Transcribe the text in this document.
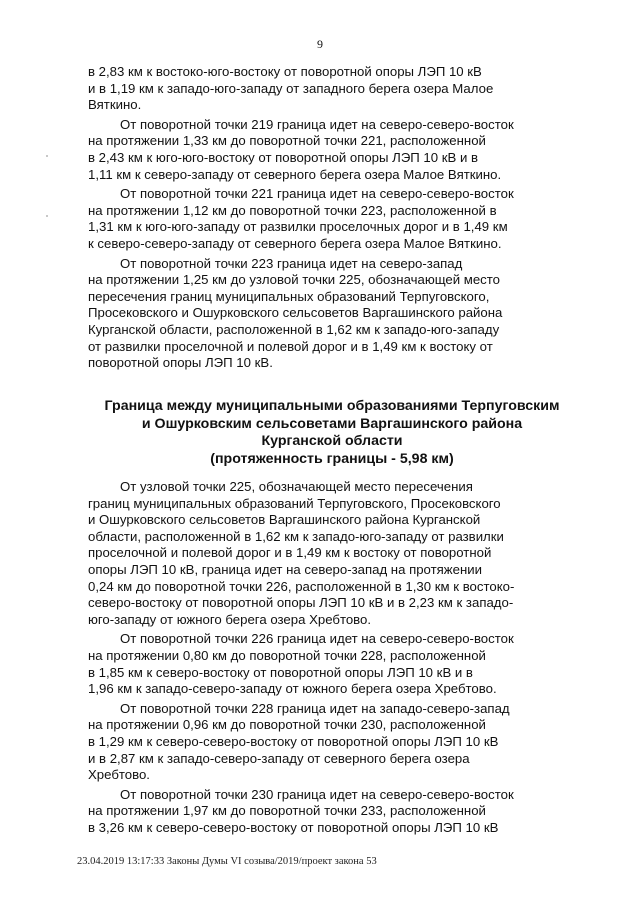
9

в 2,83 км к востоко-юго-востоку от поворотной опоры ЛЭП 10 кВ
и в 1,19 км к западо-юго-западу от западного берега озера Малое
Вяткино.

От поворотной точки 219 граница идет на северо-северо-восток
на протяжении 1,33 км до поворотной точки 221, расположенной
в 2,43 км к юго-юго-востоку от поворотной опоры ЛЭП 10 кВ и в
1,11 км к северо-западу от северного берега озера Малое Вяткино.

От поворотной точки 221 граница идет на северо-северо-восток
на протяжении 1,12 км до поворотной точки 223, расположенной в
1,31 км к юго-юго-западу от развилки проселочных дорог и в 1,49 км
к северо-северо-западу от северного берега озера Малое Вяткино.

От поворотной точки 223 граница идет на северо-запад
на протяжении 1,25 км до узловой точки 225, обозначающей место
пересечения границ муниципальных образований Терпуговского,
Просековского и Ошурковского сельсоветов Варгашинского района
Курганской области, расположенной в 1,62 км к западо-юго-западу
от развилки проселочной и полевой дорог и в 1,49 км к востоку от
поворотной опоры ЛЭП 10 кВ.

Граница между муниципальными образованиями Терпуговским
и Ошурковским сельсоветами Варгашинского района
Курганской области
(протяженность границы - 5,98 км)

От узловой точки 225, обозначающей место пересечения
границ муниципальных образований Терпуговского, Просековского
и Ошурковского сельсоветов Варгашинского района Курганской
области, расположенной в 1,62 км к западо-юго-западу от развилки
проселочной и полевой дорог и в 1,49 км к востоку от поворотной
опоры ЛЭП 10 кВ, граница идет на северо-запад на протяжении
0,24 км до поворотной точки 226, расположенной в 1,30 км к востоко-
северо-востоку от поворотной опоры ЛЭП 10 кВ и в 2,23 км к западо-
юго-западу от южного берега озера Хребтово.

От поворотной точки 226 граница идет на северо-северо-восток
на протяжении 0,80 км до поворотной точки 228, расположенной
в 1,85 км к северо-востоку от поворотной опоры ЛЭП 10 кВ и в
1,96 км к западо-северо-западу от южного берега озера Хребтово.

От поворотной точки 228 граница идет на западо-северо-запад
на протяжении 0,96 км до поворотной точки 230, расположенной
в 1,29 км к северо-северо-востоку от поворотной опоры ЛЭП 10 кВ
и в 2,87 км к западо-северо-западу от северного берега озера
Хребтово.

От поворотной точки 230 граница идет на северо-северо-восток
на протяжении 1,97 км до поворотной точки 233, расположенной
в 3,26 км к северо-северо-востоку от поворотной опоры ЛЭП 10 кВ

23.04.2019 13:17:33 Законы Думы VI созыва/2019/проект закона 53
